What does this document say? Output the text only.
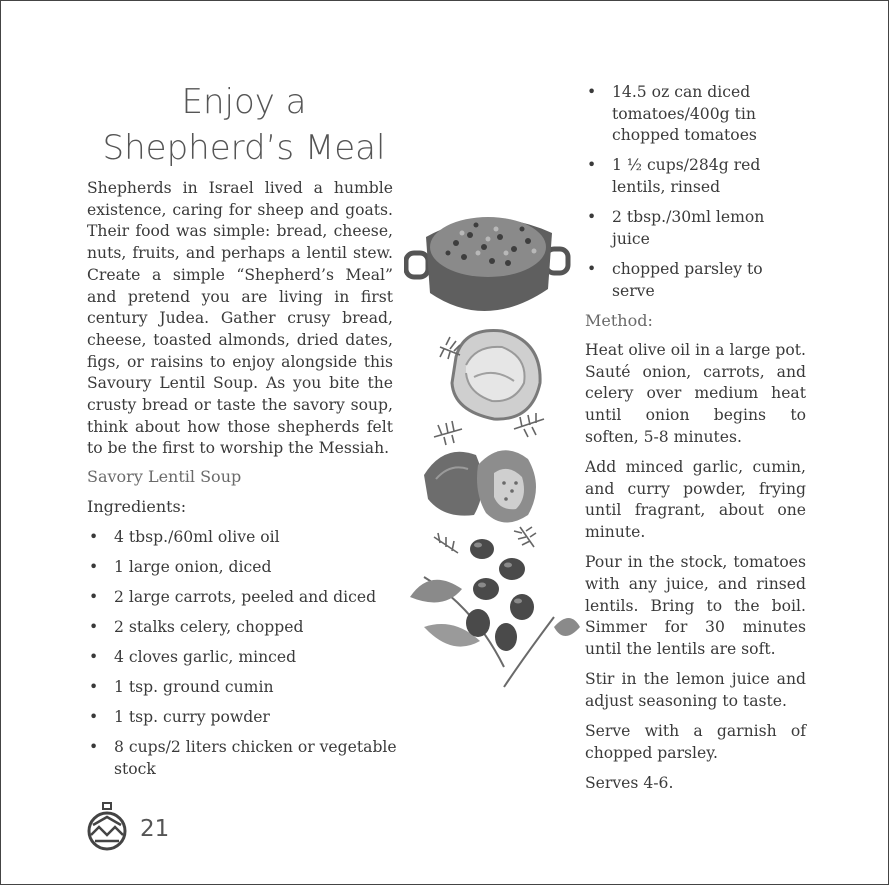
Enjoy a
Shepherd’s Meal

Shepherds in Israel lived a humble existence, caring for sheep and goats. Their food was simple: bread, cheese, nuts, fruits, and perhaps a lentil stew. Create a simple “Shepherd’s Meal” and pretend you are living in first century Judea. Gather crusy bread, cheese, toasted almonds, dried dates, figs, or raisins to enjoy alongside this Savoury Lentil Soup. As you bite the crusty bread or taste the savory soup, think about how those shepherds felt to be the first to worship the Messiah.

Savory Lentil Soup

Ingredients:

• 4 tbsp./60ml olive oil
• 1 large onion, diced
• 2 large carrots, peeled and diced
• 2 stalks celery, chopped
• 4 cloves garlic, minced
• 1 tsp. ground cumin
• 1 tsp. curry powder
• 8 cups/2 liters chicken or vegetable stock
• 14.5 oz can diced tomatoes/400g tin chopped tomatoes
• 1 ½ cups/284g red lentils, rinsed
• 2 tbsp./30ml lemon juice
• chopped parsley to serve

Method:

Heat olive oil in a large pot. Sauté onion, carrots, and celery over medium heat until onion begins to soften, 5-8 minutes.

Add minced garlic, cumin, and curry powder, frying until fragrant, about one minute.

Pour in the stock, tomatoes with any juice, and rinsed lentils. Bring to the boil. Simmer for 30 minutes until the lentils are soft.

Stir in the lemon juice and adjust seasoning to taste.

Serve with a garnish of chopped parsley.

Serves 4-6.

21
